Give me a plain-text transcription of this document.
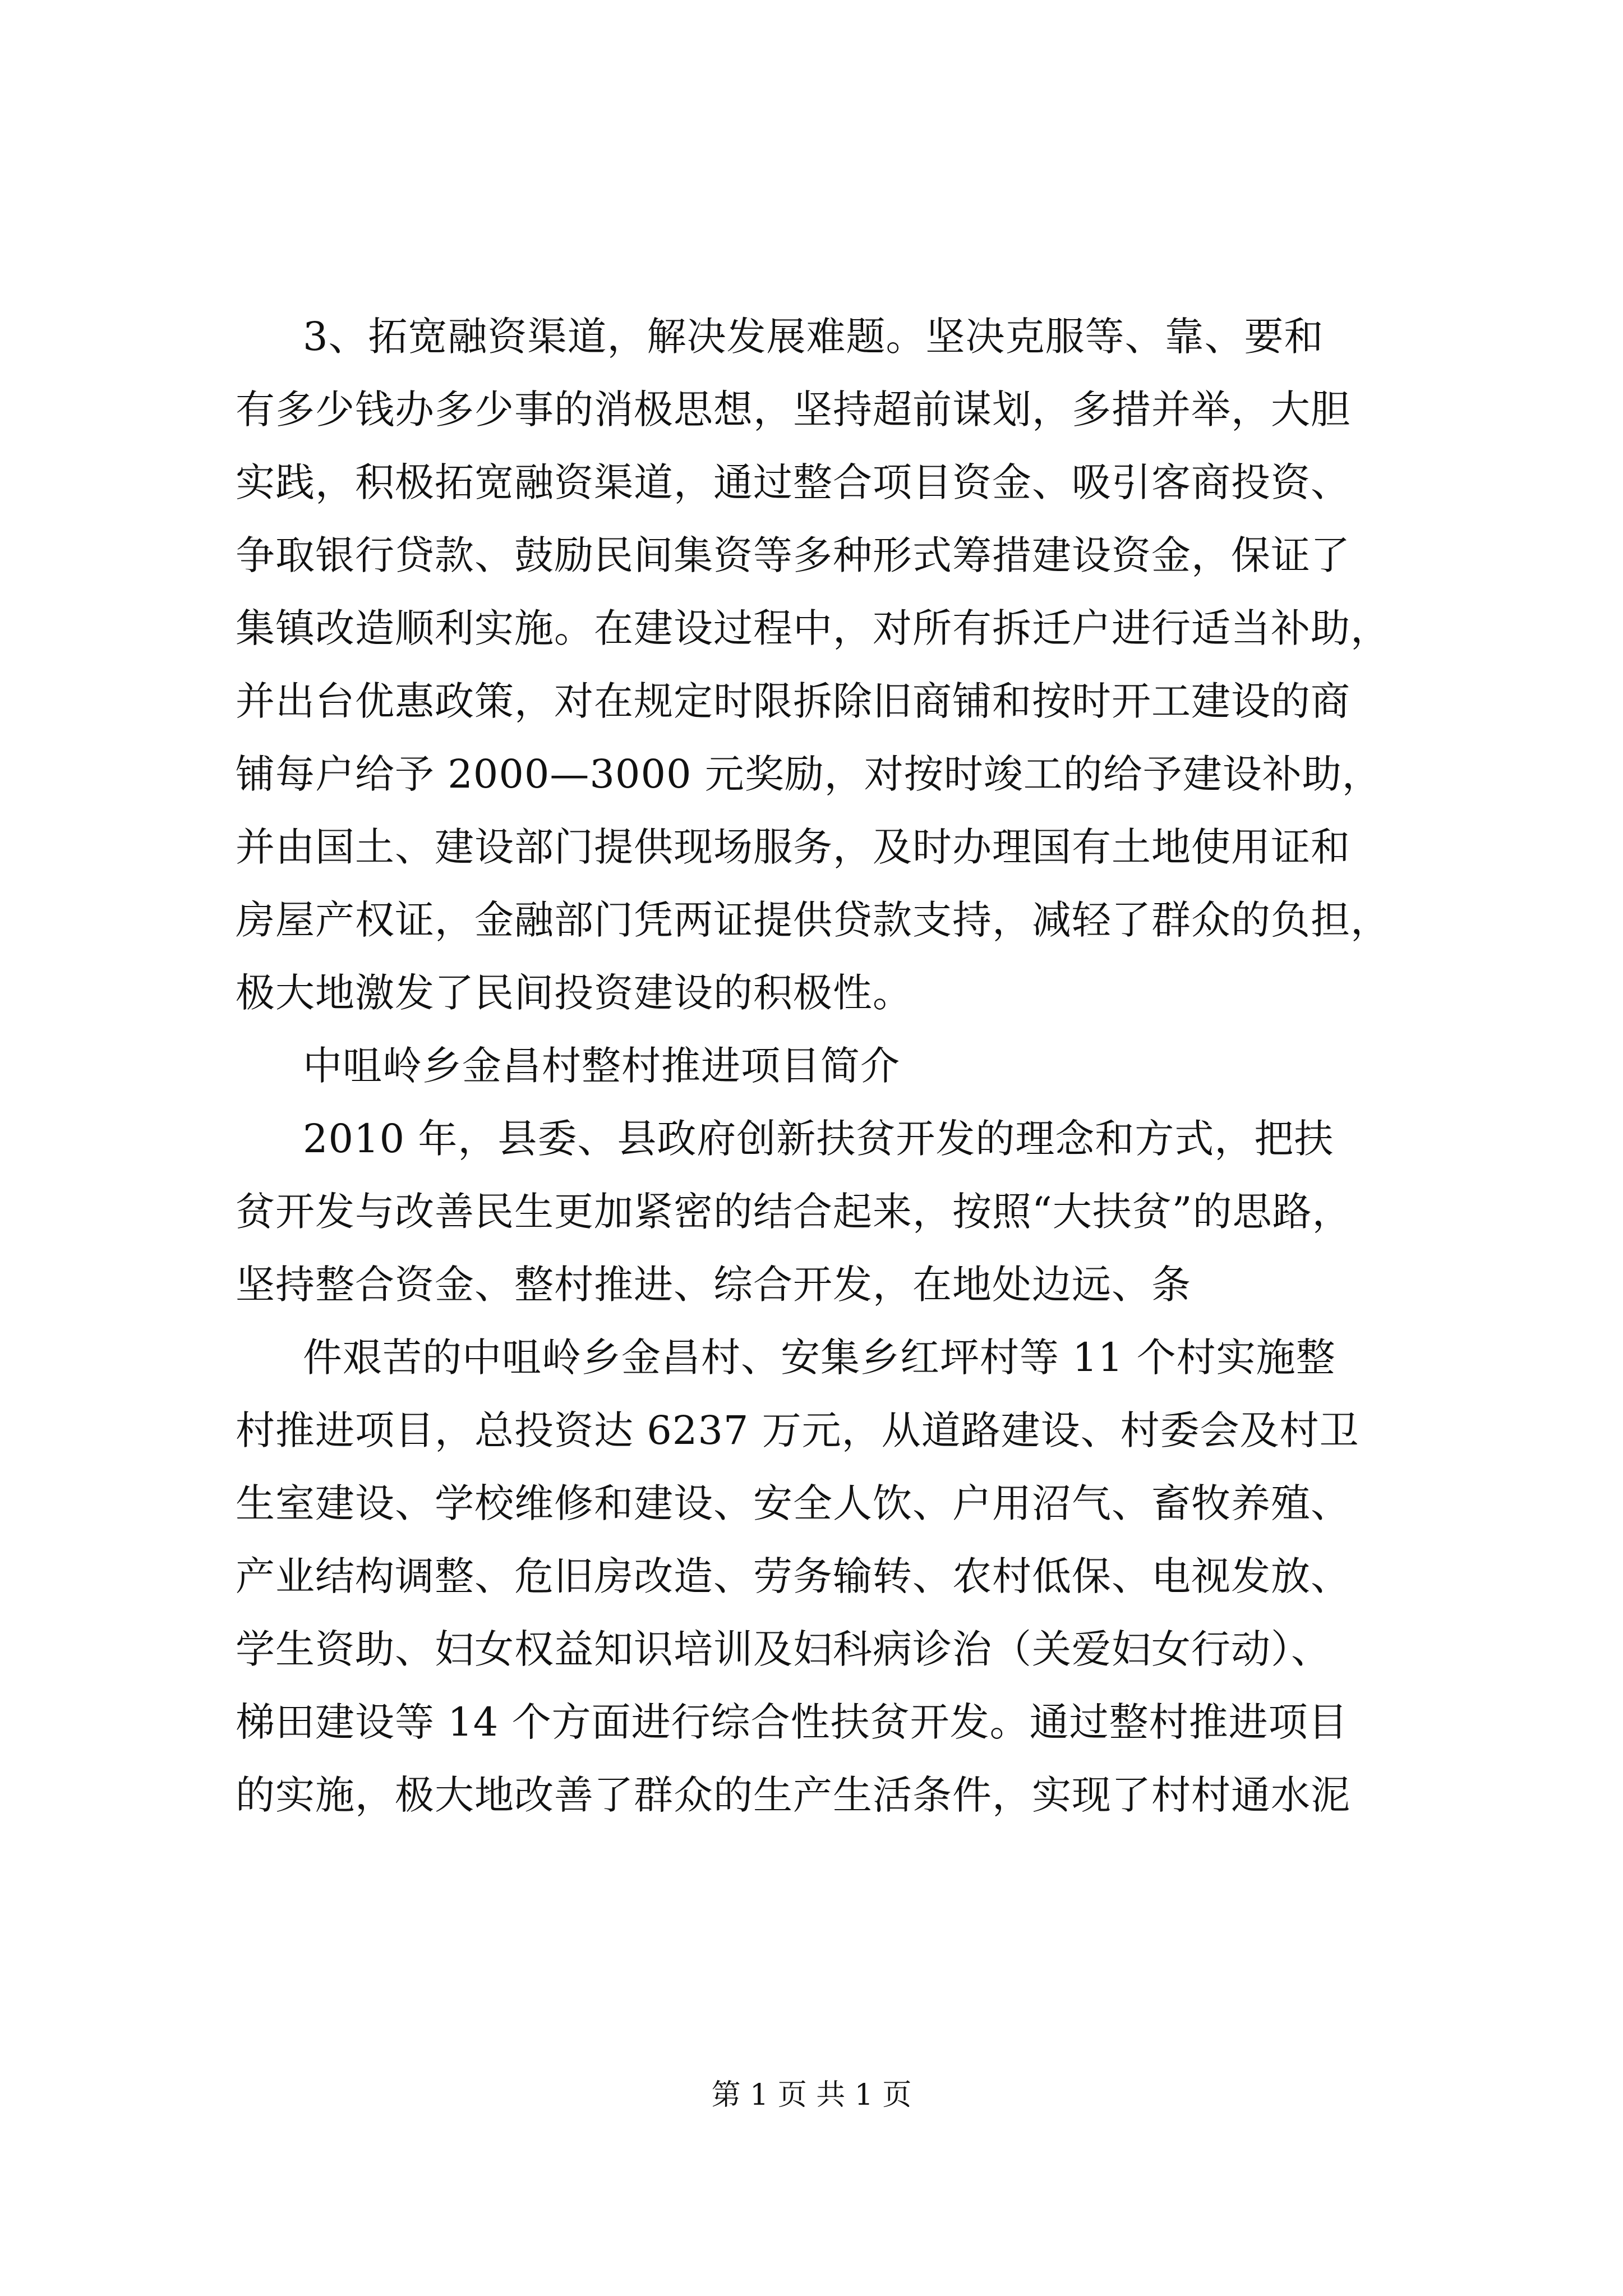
3、拓宽融资渠道，解决发展难题。坚决克服等、靠、要和
有多少钱办多少事的消极思想，坚持超前谋划，多措并举，大胆
实践，积极拓宽融资渠道，通过整合项目资金、吸引客商投资、
争取银行贷款、鼓励民间集资等多种形式筹措建设资金，保证了
集镇改造顺利实施。在建设过程中，对所有拆迁户进行适当补助，
并出台优惠政策，对在规定时限拆除旧商铺和按时开工建设的商
铺每户给予 2000—3000 元奖励，对按时竣工的给予建设补助，
并由国土、建设部门提供现场服务，及时办理国有土地使用证和
房屋产权证，金融部门凭两证提供贷款支持，减轻了群众的负担，
极大地激发了民间投资建设的积极性。
中咀岭乡金昌村整村推进项目简介
2010 年，县委、县政府创新扶贫开发的理念和方式，把扶
贫开发与改善民生更加紧密的结合起来，按照“大扶贫”的思路，
坚持整合资金、整村推进、综合开发，在地处边远、条
件艰苦的中咀岭乡金昌村、安集乡红坪村等 11 个村实施整
村推进项目，总投资达 6237 万元，从道路建设、村委会及村卫
生室建设、学校维修和建设、安全人饮、户用沼气、畜牧养殖、
产业结构调整、危旧房改造、劳务输转、农村低保、电视发放、
学生资助、妇女权益知识培训及妇科病诊治（关爱妇女行动）、
梯田建设等 14 个方面进行综合性扶贫开发。通过整村推进项目
的实施，极大地改善了群众的生产生活条件，实现了村村通水泥
第 1 页 共 1 页
